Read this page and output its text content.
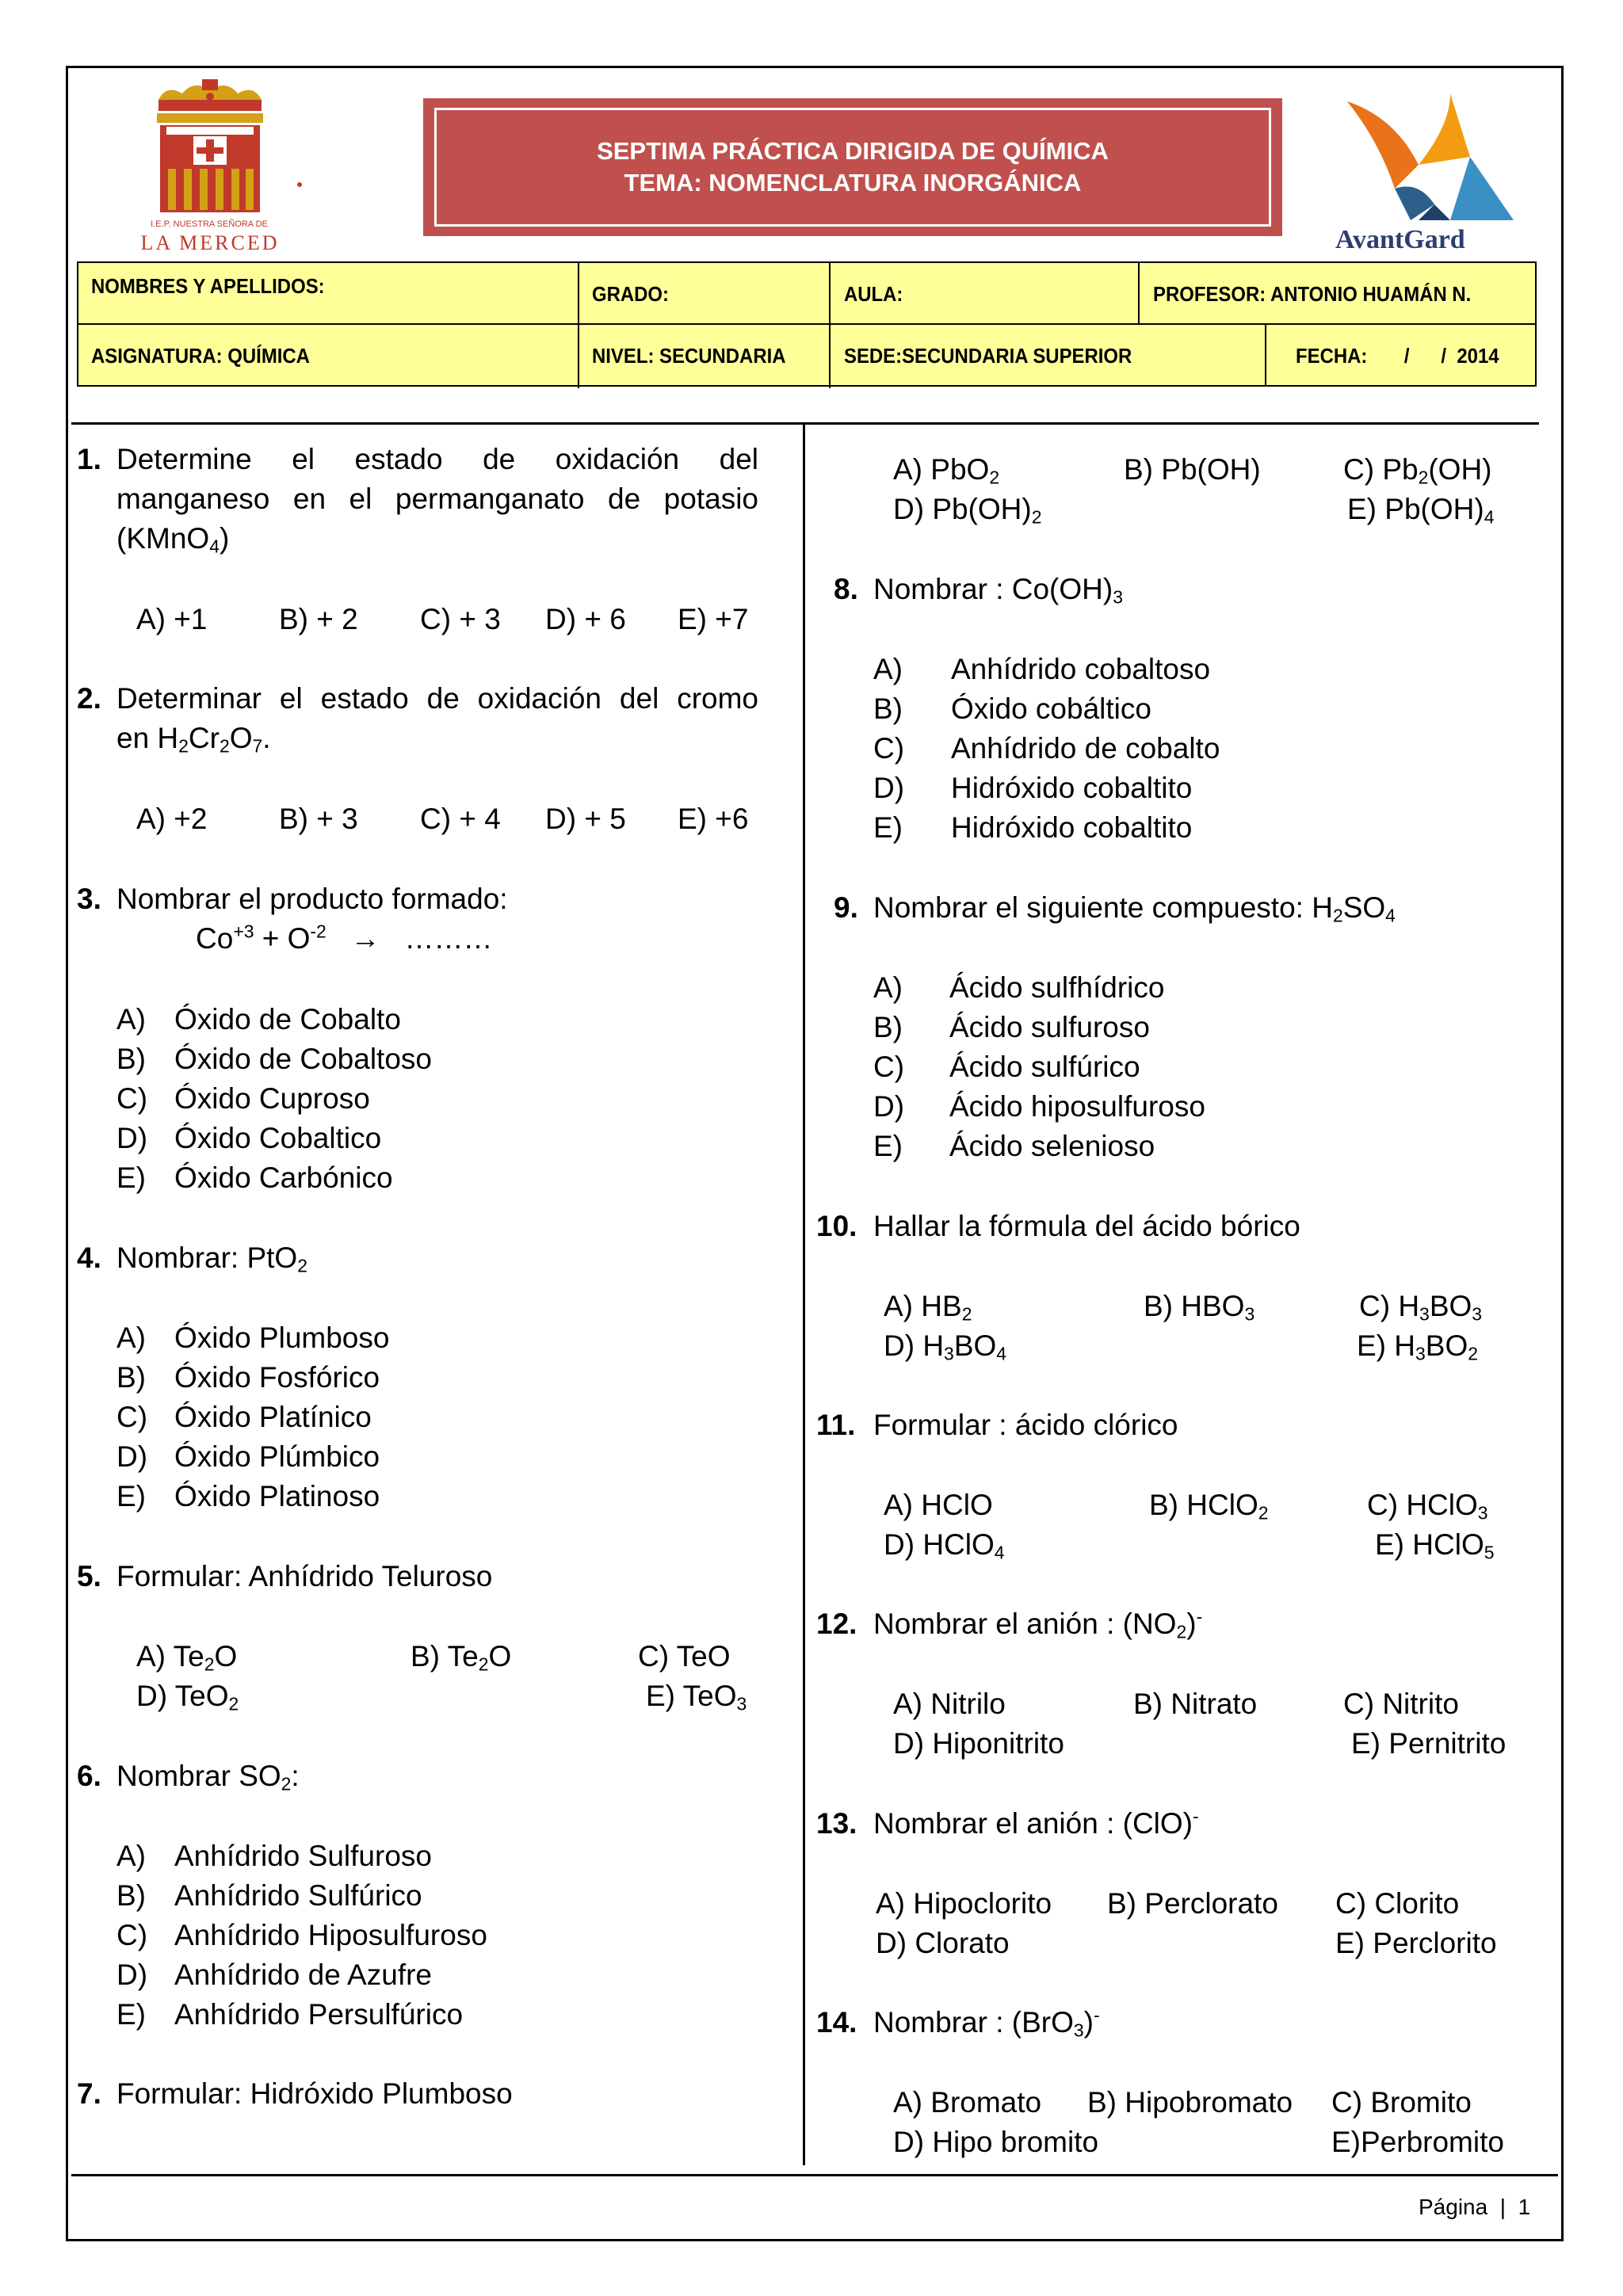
I.E.P. NUESTRA SEÑORA DE
LA MERCED
SEPTIMA PRÁCTICA DIRIGIDA DE QUÍMICA
TEMA: NOMENCLATURA INORGÁNICA
AvantGard
NOMBRES Y APELLIDOS:	GRADO:	AULA:	PROFESOR: ANTONIO HUAMÁN N.
ASIGNATURA: QUÍMICA	NIVEL: SECUNDARIA	SEDE:SECUNDARIA SUPERIOR	FECHA:       /      /  2014
1. Determine el estado de oxidación del
manganeso en el permanganato de potasio
(KMnO$_4$)
A) +1 B) + 2 C) + 3 D) + 6 E) +7
2. Determinar el estado de oxidación del cromo
en $H_2Cr_2O_7$.
A) +2 B) + 3 C) + 4 D) + 5 E) +6
3. Nombrar el producto formado:
$Co^{+3} + O^{-2}$ → ………
A) Óxido de Cobalto
B) Óxido de Cobaltoso
C) Óxido Cuproso
D) Óxido Cobaltico
E) Óxido Carbónico
4. Nombrar: PtO$_2$
A) Óxido Plumboso
B) Óxido Fosfórico
C) Óxido Platínico
D) Óxido Plúmbico
E) Óxido Platinoso
5. Formular: Anhídrido Teluroso
A) $Te_2O$	B) $Te_2O$	C) TeO
D) TeO$_2$	E) TeO$_3$
6. Nombrar $SO_2$:
A) Anhídrido Sulfuroso
B) Anhídrido Sulfúrico
C) Anhídrido Hiposulfuroso
D) Anhídrido de Azufre
E) Anhídrido Persulfúrico
7. Formular: Hidróxido Plumboso
A) PbO$_2$	B) Pb(OH)	C) $Pb_2(OH)$
D) $Pb(OH)_2$	E) $Pb(OH)_4$
8. Nombrar : $Co(OH)_3$
A) Anhídrido cobaltoso
B) Óxido cobáltico
C) Anhídrido de cobalto
D) Hidróxido cobaltito
E) Hidróxido cobaltito
9. Nombrar el siguiente compuesto: $H_2SO_4$
A) Ácido sulfhídrico
B) Ácido sulfuroso
C) Ácido sulfúrico
D) Ácido hiposulfuroso
E) Ácido selenioso
10. Hallar la fórmula del ácido bórico
A) $HB_2$	B) $HBO_3$	C) $H_3BO_3$
D) $H_3BO_4$	E) $H_3BO_2$
11. Formular : ácido clórico
A) HClO	B) HClO$_2$	C) HClO$_3$
D) HClO$_4$	E) HClO$_5$
12. Nombrar el anión : $(NO_2)^-$
A) Nitrilo	B) Nitrato	C) Nitrito
D) Hiponitrito	E) Pernitrito
13. Nombrar el anión : (ClO)-
A) Hipoclorito B) Perclorato C) Clorito
D) Clorato	E) Perclorito
14. Nombrar : (BrO$_3$)-
A) Bromato B) Hipobromato C) Bromito
D) Hipo bromito	E)Perbromito
Página | 1
